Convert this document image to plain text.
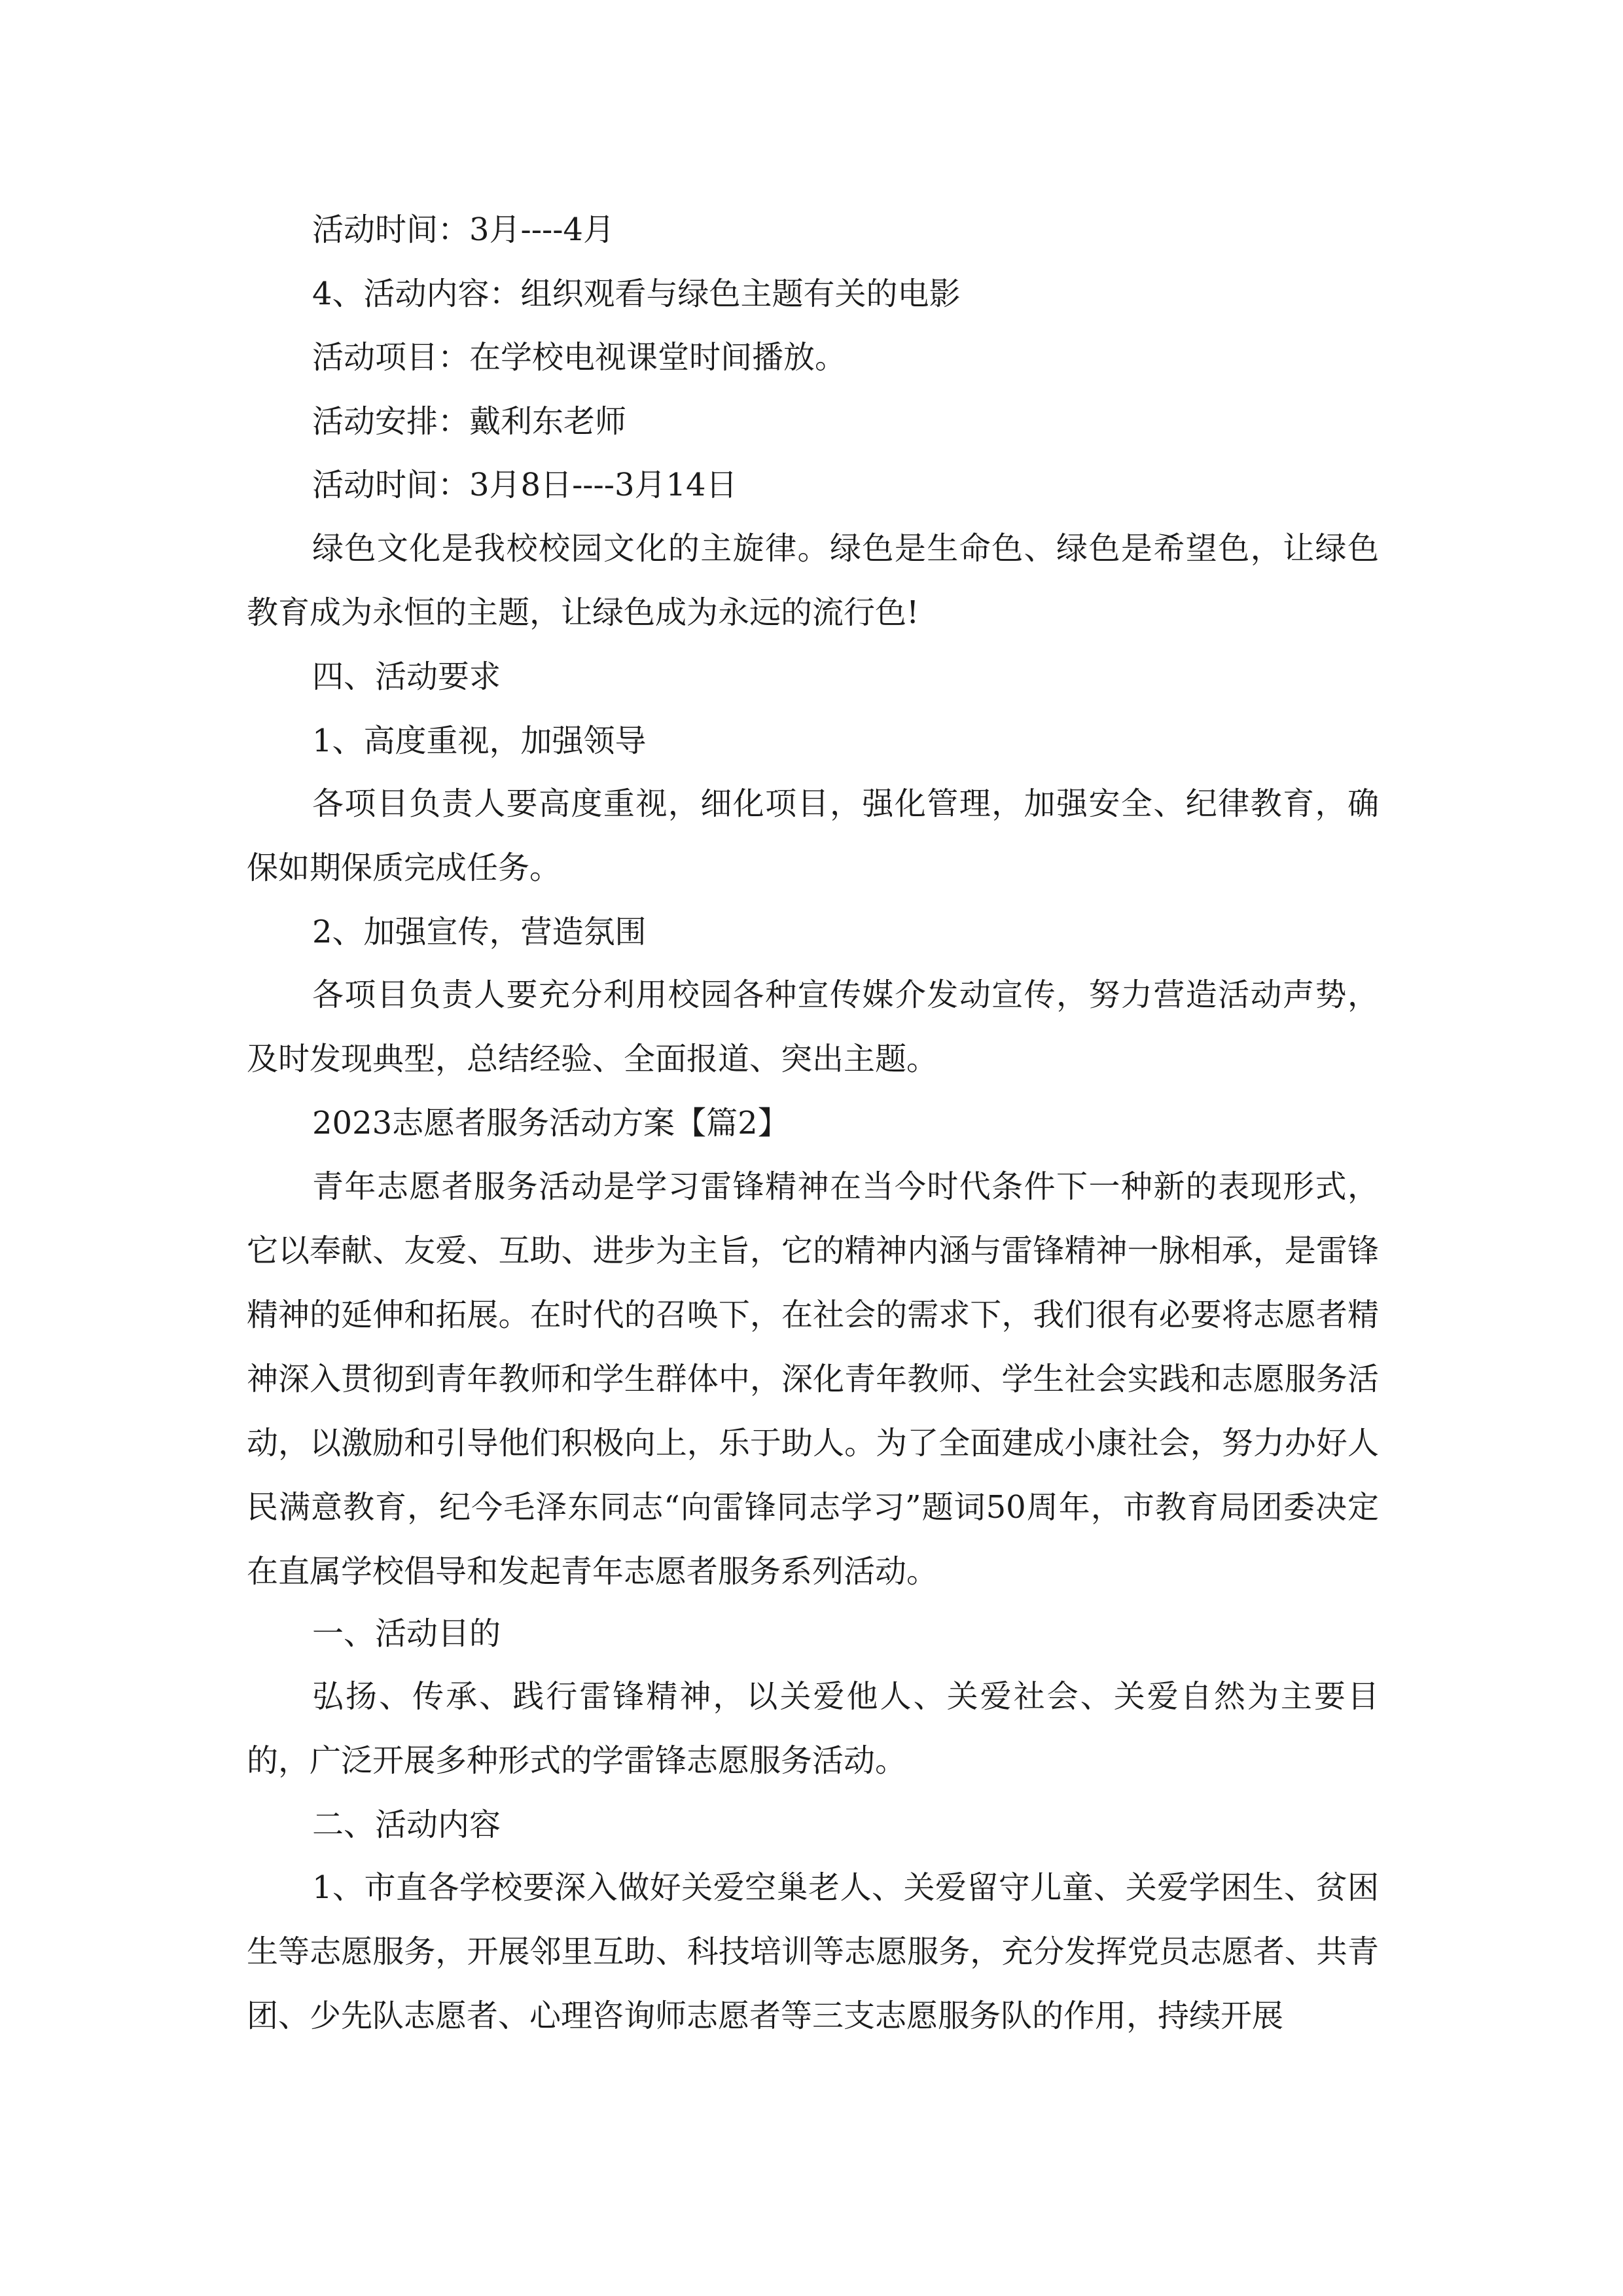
活动时间：3月----4月
4、活动内容：组织观看与绿色主题有关的电影
活动项目：在学校电视课堂时间播放。
活动安排：戴利东老师
活动时间：3月8日----3月14日
绿色文化是我校校园文化的主旋律。绿色是生命色、绿色是希望色，让绿色教育成为永恒的主题，让绿色成为永远的流行色!
四、活动要求
1、高度重视，加强领导
各项目负责人要高度重视，细化项目，强化管理，加强安全、纪律教育，确保如期保质完成任务。
2、加强宣传，营造氛围
各项目负责人要充分利用校园各种宣传媒介发动宣传，努力营造活动声势，及时发现典型，总结经验、全面报道、突出主题。
2023志愿者服务活动方案【篇2】
青年志愿者服务活动是学习雷锋精神在当今时代条件下一种新的表现形式，它以奉献、友爱、互助、进步为主旨，它的精神内涵与雷锋精神一脉相承，是雷锋精神的延伸和拓展。在时代的召唤下，在社会的需求下，我们很有必要将志愿者精神深入贯彻到青年教师和学生群体中，深化青年教师、学生社会实践和志愿服务活动，以激励和引导他们积极向上，乐于助人。为了全面建成小康社会，努力办好人民满意教育，纪今毛泽东同志“向雷锋同志学习”题词50周年，市教育局团委决定在直属学校倡导和发起青年志愿者服务系列活动。
一、活动目的
弘扬、传承、践行雷锋精神，以关爱他人、关爱社会、关爱自然为主要目的，广泛开展多种形式的学雷锋志愿服务活动。
二、活动内容
1、市直各学校要深入做好关爱空巢老人、关爱留守儿童、关爱学困生、贫困生等志愿服务，开展邻里互助、科技培训等志愿服务，充分发挥党员志愿者、共青团、少先队志愿者、心理咨询师志愿者等三支志愿服务队的作用，持续开展
